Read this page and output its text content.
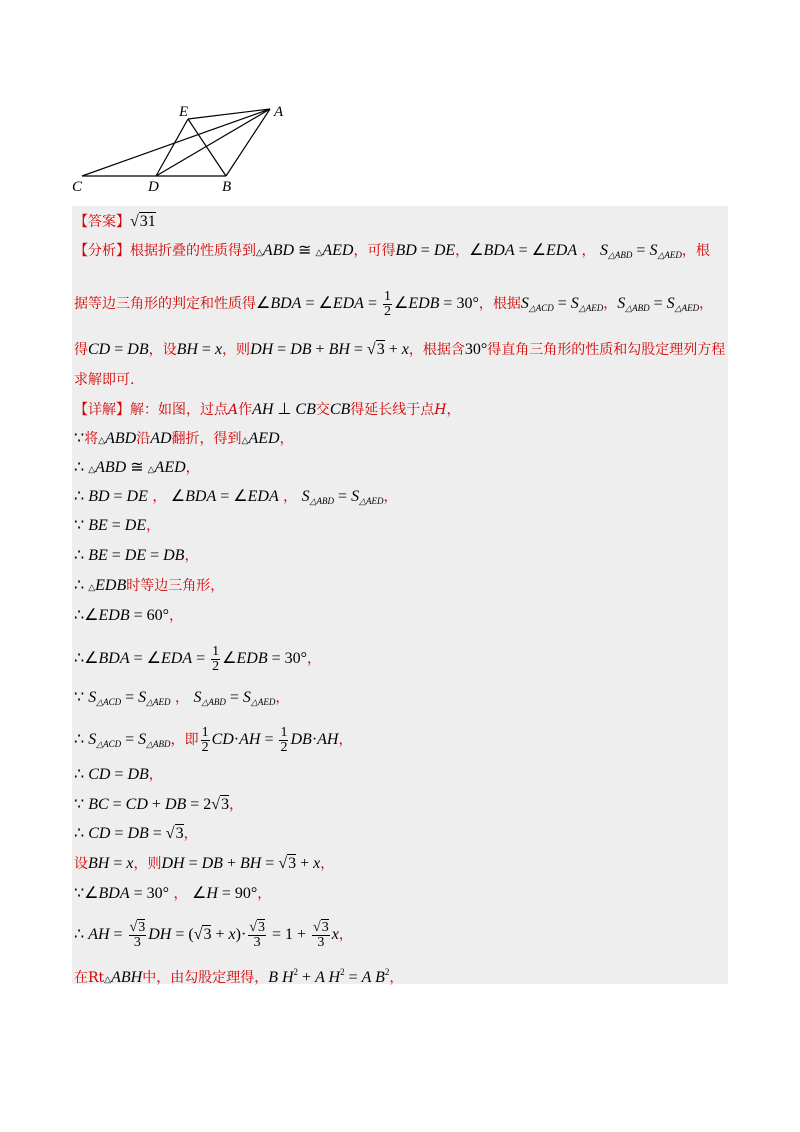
E	A
C	D	B
【答案】√31
【分析】根据折叠的性质得到△ABD ≅ △AED，可得BD = DE，∠BDA = ∠EDA ， $S_{\triangle ABD} = S_{\triangle AED}$，根
据等边三角形的判定和性质得∠BDA = ∠EDA = $\frac{1}{2}$ ∠EDB = 30°，根据$S_{\triangle ACD} = S_{\triangle AED}$，$S_{\triangle ABD} = S_{\triangle AED}$，
得CD = DB，设BH = x，则DH = DB + BH = √3 + x，根据含30°得直角三角形的性质和勾股定理列方程
求解即可.
【详解】解：如图，过点A作AH ⊥ CB交CB得延长线于点H，
∵将△ABD沿AD翻折，得到△AED，
∴ △ABD ≅ △AED，
∴ BD = DE ， ∠BDA = ∠EDA ， $S_{\triangle ABD} = S_{\triangle AED}$，
∵ BE = DE，
∴ BE = DE = DB，
∴ △EDB时等边三角形，
∴∠EDB = 60°，
∴∠BDA = ∠EDA = $\frac{1}{2}$ ∠EDB = 30°，
∵ $S_{\triangle ACD} = S_{\triangle AED}$ ， $S_{\triangle ABD} = S_{\triangle AED}$，
∴ $S_{\triangle ACD} = S_{\triangle ABD}$，即 $\frac{1}{2} CD\cdot AH = \frac{1}{2} DB\cdot AH$，
∴ CD = DB，
∵ BC = CD + DB = 2√3，
∴ CD = DB = √3，
设BH = x，则DH = DB + BH = √3 + x，
∵∠BDA = 30° ， ∠H = 90°，
∴ AH = $\frac{√3}{3}$ DH = $(√3 + x)\cdot \frac{√3}{3} = 1 + \frac{√3}{3}$ x，
在Rt△ABH中，由勾股定理得，B $H^2 + A$ $H^2 = A$ $B^2$，
